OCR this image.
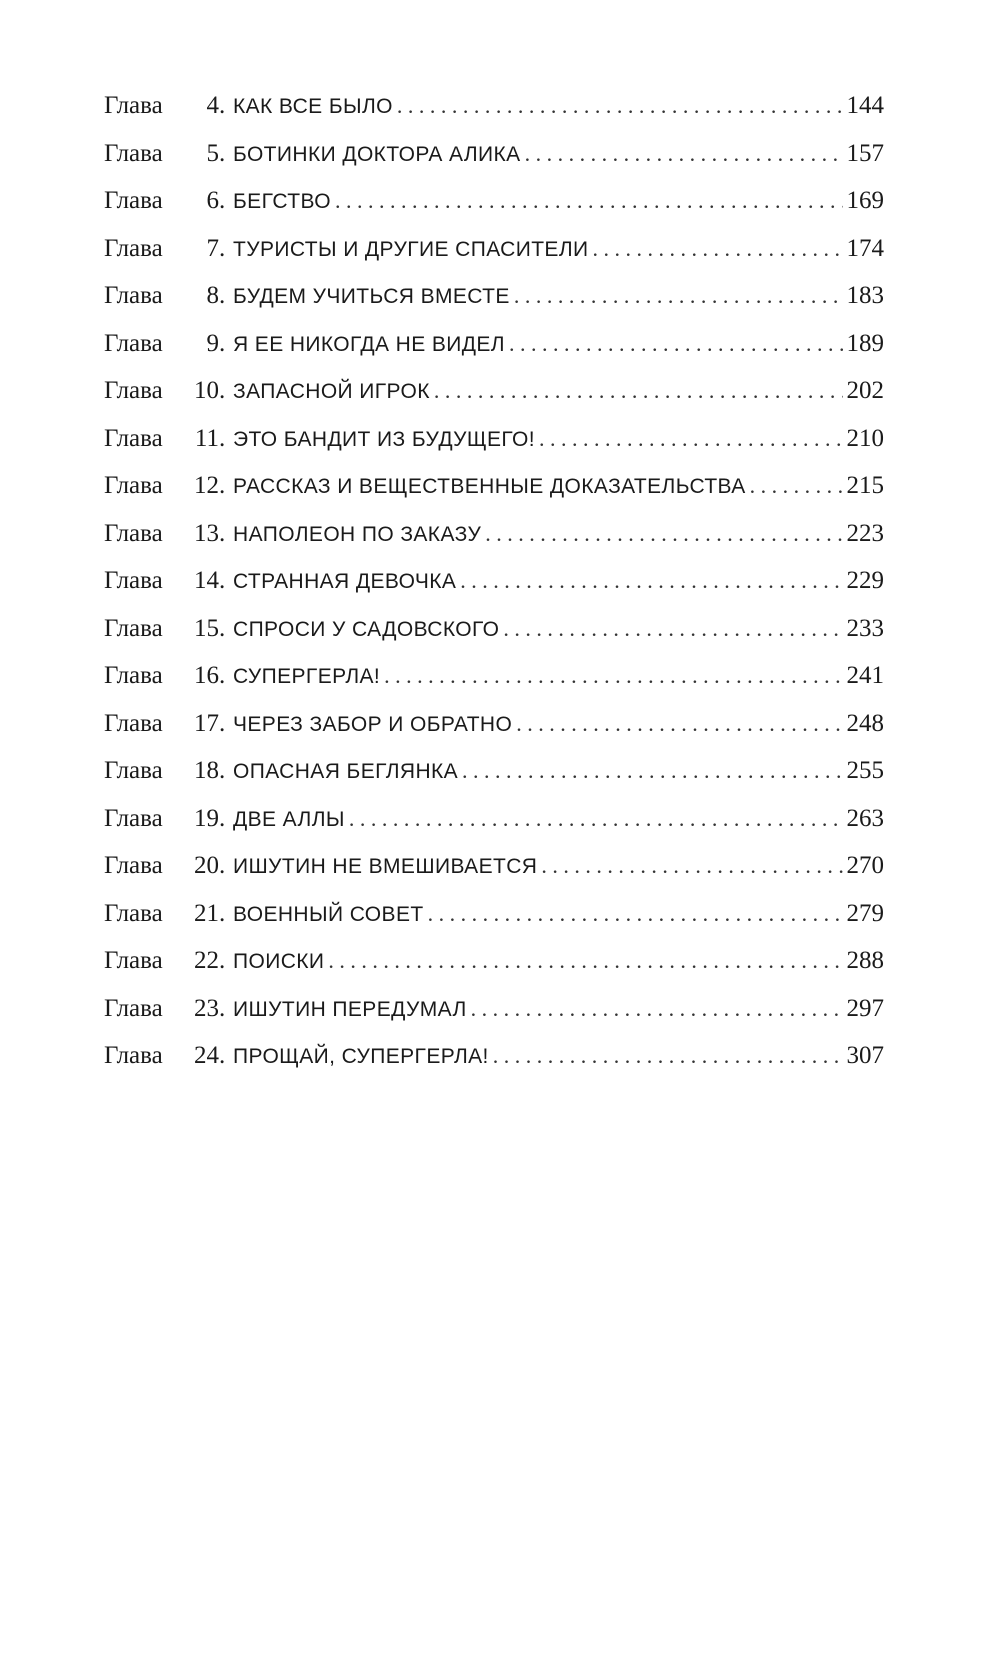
Глава	4 . КАК ВСЕ БЫЛО . . .	144
Глава	5 . БОТИНКИ ДОКТОРА АЛИКА . . .	157
Глава	6 . БЕГСТВО . . .	169
Глава	7 . ТУРИСТЫ И ДРУГИЕ СПАСИТЕЛИ . . .	174
Глава	8 . БУДЕМ УЧИТЬСЯ ВМЕСТЕ . . .	183
Глава	9 . Я ЕЕ НИКОГДА НЕ ВИДЕЛ . . .	189
Глава	10 . ЗАПАСНОЙ ИГРОК . . .	202
Глава	11 . ЭТО БАНДИТ ИЗ БУДУЩЕГО! . . .	210
Глава	12 . РАССКАЗ И ВЕЩЕСТВЕННЫЕ ДОКАЗАТЕЛЬСТВА . . .	215
Глава	13 . НАПОЛЕОН ПО ЗАКАЗУ . . .	223
Глава	14 . СТРАННАЯ ДЕВОЧКА . . .	229
Глава	15 . СПРОСИ У САДОВСКОГО . . .	233
Глава	16 . СУПЕРГЕРЛА! . . .	241
Глава	17 . ЧЕРЕЗ ЗАБОР И ОБРАТНО . . .	248
Глава	18 . ОПАСНАЯ БЕГЛЯНКА . . .	255
Глава	19 . ДВЕ АЛЛЫ . . .	263
Глава	20 . ИШУТИН НЕ ВМЕШИВАЕТСЯ . . .	270
Глава	21 . ВОЕННЫЙ СОВЕТ . . .	279
Глава	22 . ПОИСКИ . . .	288
Глава	23 . ИШУТИН ПЕРЕДУМАЛ . . .	297
Глава	24 . ПРОЩАЙ, СУПЕРГЕРЛА! . . .	307
